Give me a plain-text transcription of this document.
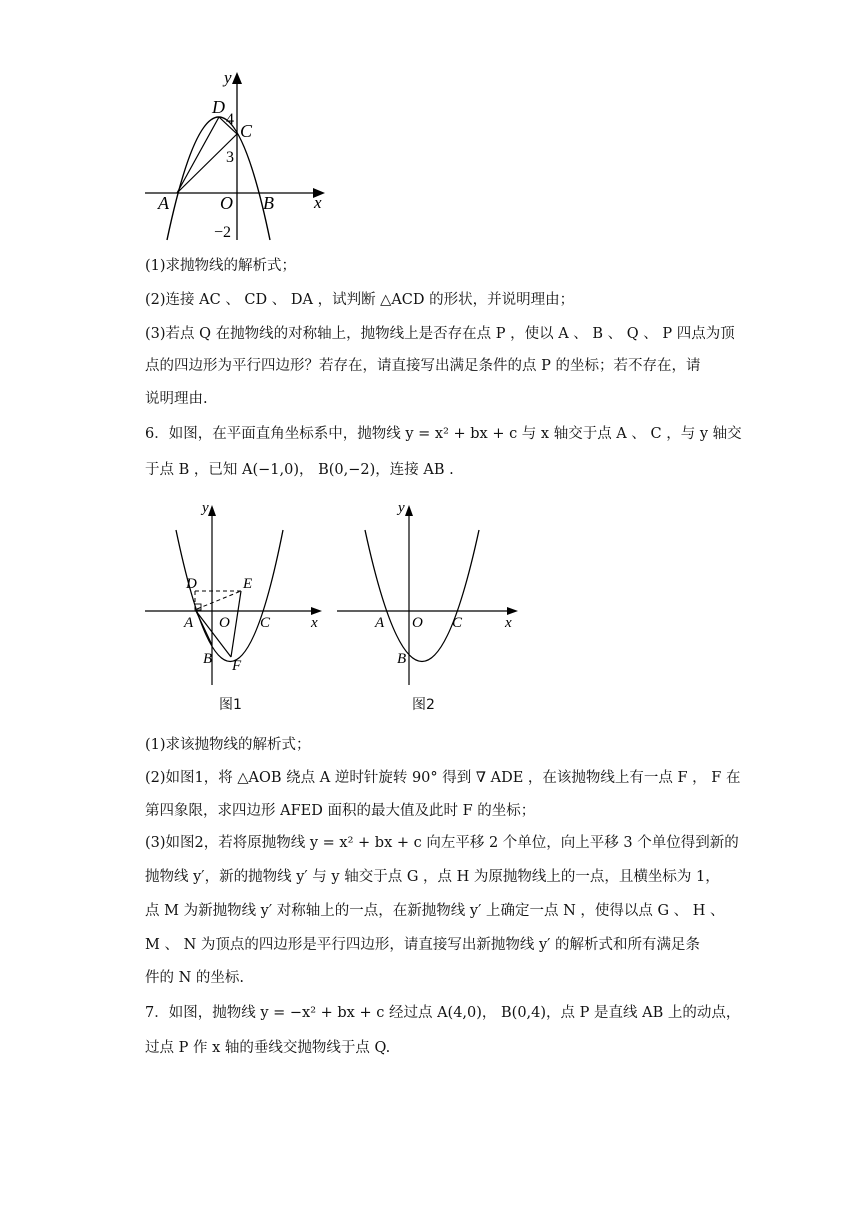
y
D
4
C
3
A	O B x
−2
(1)求抛物线的解析式；
(2)连接 AC 、 CD 、 DA ，试判断 △ACD 的形状，并说明理由；
(3)若点 Q 在抛物线的对称轴上，抛物线上是否存在点 P ，使以 A 、 B 、 Q 、 P 四点为顶
点的四边形为平行四边形？若存在，请直接写出满足条件的点 P 的坐标；若不存在，请
说明理由.
6．如图，在平面直角坐标系中，抛物线 y = x² + bx + c 与 x 轴交于点 A 、 C ，与 y 轴交
于点 B ，已知 A(−1,0)， B(0,−2)，连接 AB .
y
D	E
A O C	x
B F
图1
y
A O C	x
B
图2
(1)求该抛物线的解析式；
(2)如图1，将 △AOB 绕点 A 逆时针旋转 90° 得到 ∇ ADE ，在该抛物线上有一点 F ， F 在
第四象限，求四边形 AFED 面积的最大值及此时 F 的坐标；
(3)如图2，若将原抛物线 y = x² + bx + c 向左平移 2 个单位，向上平移 3 个单位得到新的
抛物线 y′，新的抛物线 y′ 与 y 轴交于点 G ，点 H 为原抛物线上的一点，且横坐标为 1，
点 M 为新抛物线 y′ 对称轴上的一点，在新抛物线 y′ 上确定一点 N ，使得以点 G 、 H 、
M 、 N 为顶点的四边形是平行四边形，请直接写出新抛物线 y′ 的解析式和所有满足条
件的 N 的坐标.
7．如图，抛物线 y = −x² + bx + c 经过点 A(4,0)， B(0,4)，点 P 是直线 AB 上的动点，
过点 P 作 x 轴的垂线交抛物线于点 Q.
